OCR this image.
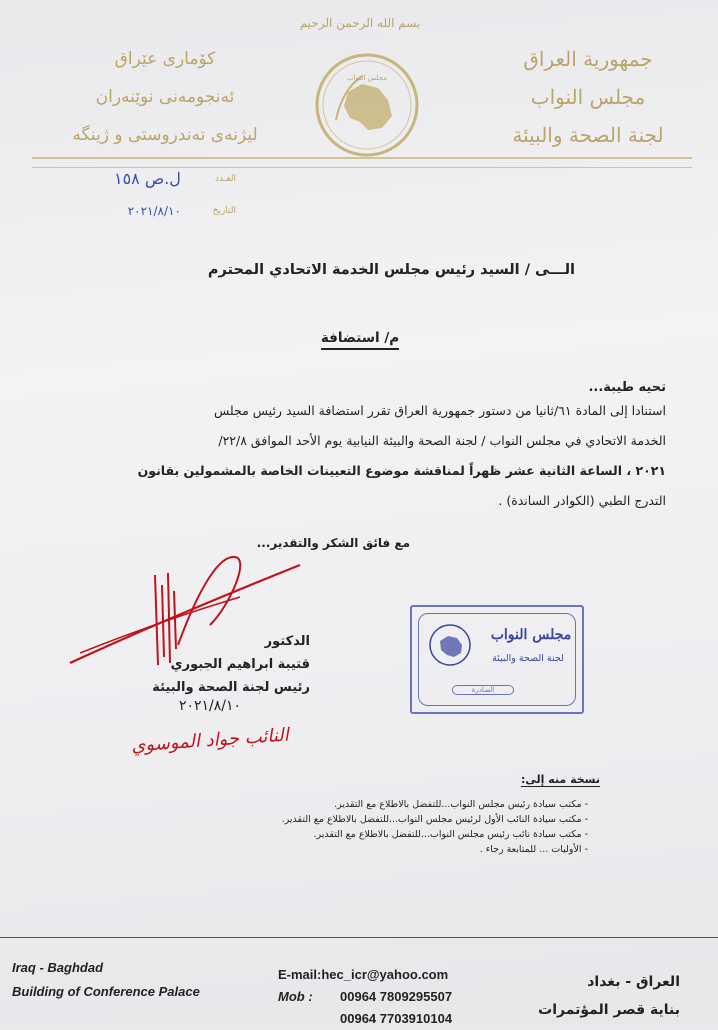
جمهورية العراق
مجلس النواب
لجنة الصحة والبيئة
كۆماری عێراق
ئەنجومەنی نوێنەران
لیژنەی تەندروستی و ژینگە
بسم الله الرحمن الرحيم
مجلس النواب
العـدد ل.ص ١٥٨
التاريخ ٢٠٢١/٨/١٠
الـــى / السيد رئيس مجلس الخدمة الاتحادي المحترم
م/ استضافة
تحيه طيبة...

استنادا إلى المادة ٦١/ثانيا من دستور جمهورية العراق تقرر استضافة السيد رئيس مجلس

الخدمة الاتحادي في مجلس النواب / لجنة الصحة والبيئة النيابية يوم الأحد الموافق ٢٢/٨/

٢٠٢١ ، الساعة الثانية عشر ظهراً لمناقشة موضوع التعيينات الخاصة بالمشمولين بقانون

التدرج الطبي (الكوادر الساندة) .

مع فائق الشكر والتقدير...
الدكتور
قتيبة ابراهيم الجبوري
رئيس لجنة الصحة والبيئة
٢٠٢١/٨/١٠
النائب جواد الموسوي
مجلس النواب
لجنة الصحة والبيئة
الصادرة
نسخة منه إلى:
- مكتب سيادة رئيس مجلس النواب...للتفضل بالاطلاع مع التقدير.
- مكتب سيادة النائب الأول لرئيس مجلس النواب...للتفضل بالاطلاع مع التقدير.
- مكتب سيادة نائب رئيس مجلس النواب...للتفضل بالاطلاع مع التقدير.
- الأوليات ... للمتابعة رجاء .
Iraq - Baghdad
Building of Conference Palace
E-mail:hec_icr@yahoo.com
Mob : 00964 7809295507
00964 7703910104
العراق - بغداد
بناية قصر المؤتمرات
